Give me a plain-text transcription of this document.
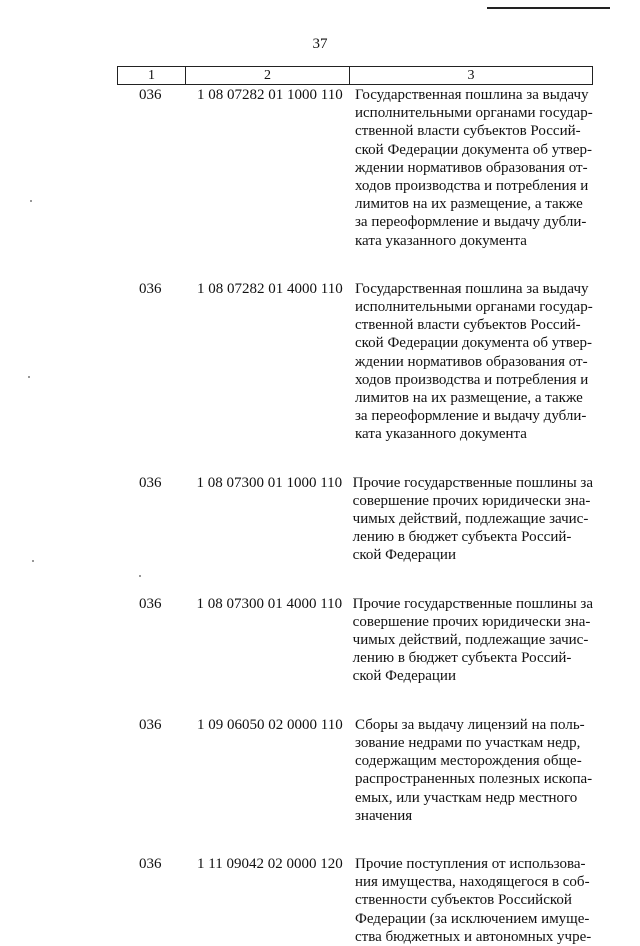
37
1	2	3
036	1 08 07282 01 1000 110 Государственная пошлина за выдачу
исполнительными органами государ-
ственной власти субъектов Россий-
ской Федерации документа об утвер-
ждении нормативов образования от-
ходов производства и потребления и
лимитов на их размещение, а также
за переоформление и выдачу дубли-
ката указанного документа
036	1 08 07282 01 4000 110 Государственная пошлина за выдачу
исполнительными органами государ-
ственной власти субъектов Россий-
ской Федерации документа об утвер-
ждении нормативов образования от-
ходов производства и потребления и
лимитов на их размещение, а также
за переоформление и выдачу дубли-
ката указанного документа
036	1 08 07300 01 1000 110 Прочие государственные пошлины за
совершение прочих юридически зна-
чимых действий, подлежащие зачис-
лению в бюджет субъекта Россий-
ской Федерации
036	1 08 07300 01 4000 110 Прочие государственные пошлины за
совершение прочих юридически зна-
чимых действий, подлежащие зачис-
лению в бюджет субъекта Россий-
ской Федерации
036	1 09 06050 02 0000 110 Сборы за выдачу лицензий на поль-
зование недрами по участкам недр,
содержащим месторождения обще-
распространенных полезных ископа-
емых, или участкам недр местного
значения
036	1 11 09042 02 0000 120 Прочие поступления от использова-
ния имущества, находящегося в соб-
ственности субъектов Российской
Федерации (за исключением имуще-
ства бюджетных и автономных учре-
